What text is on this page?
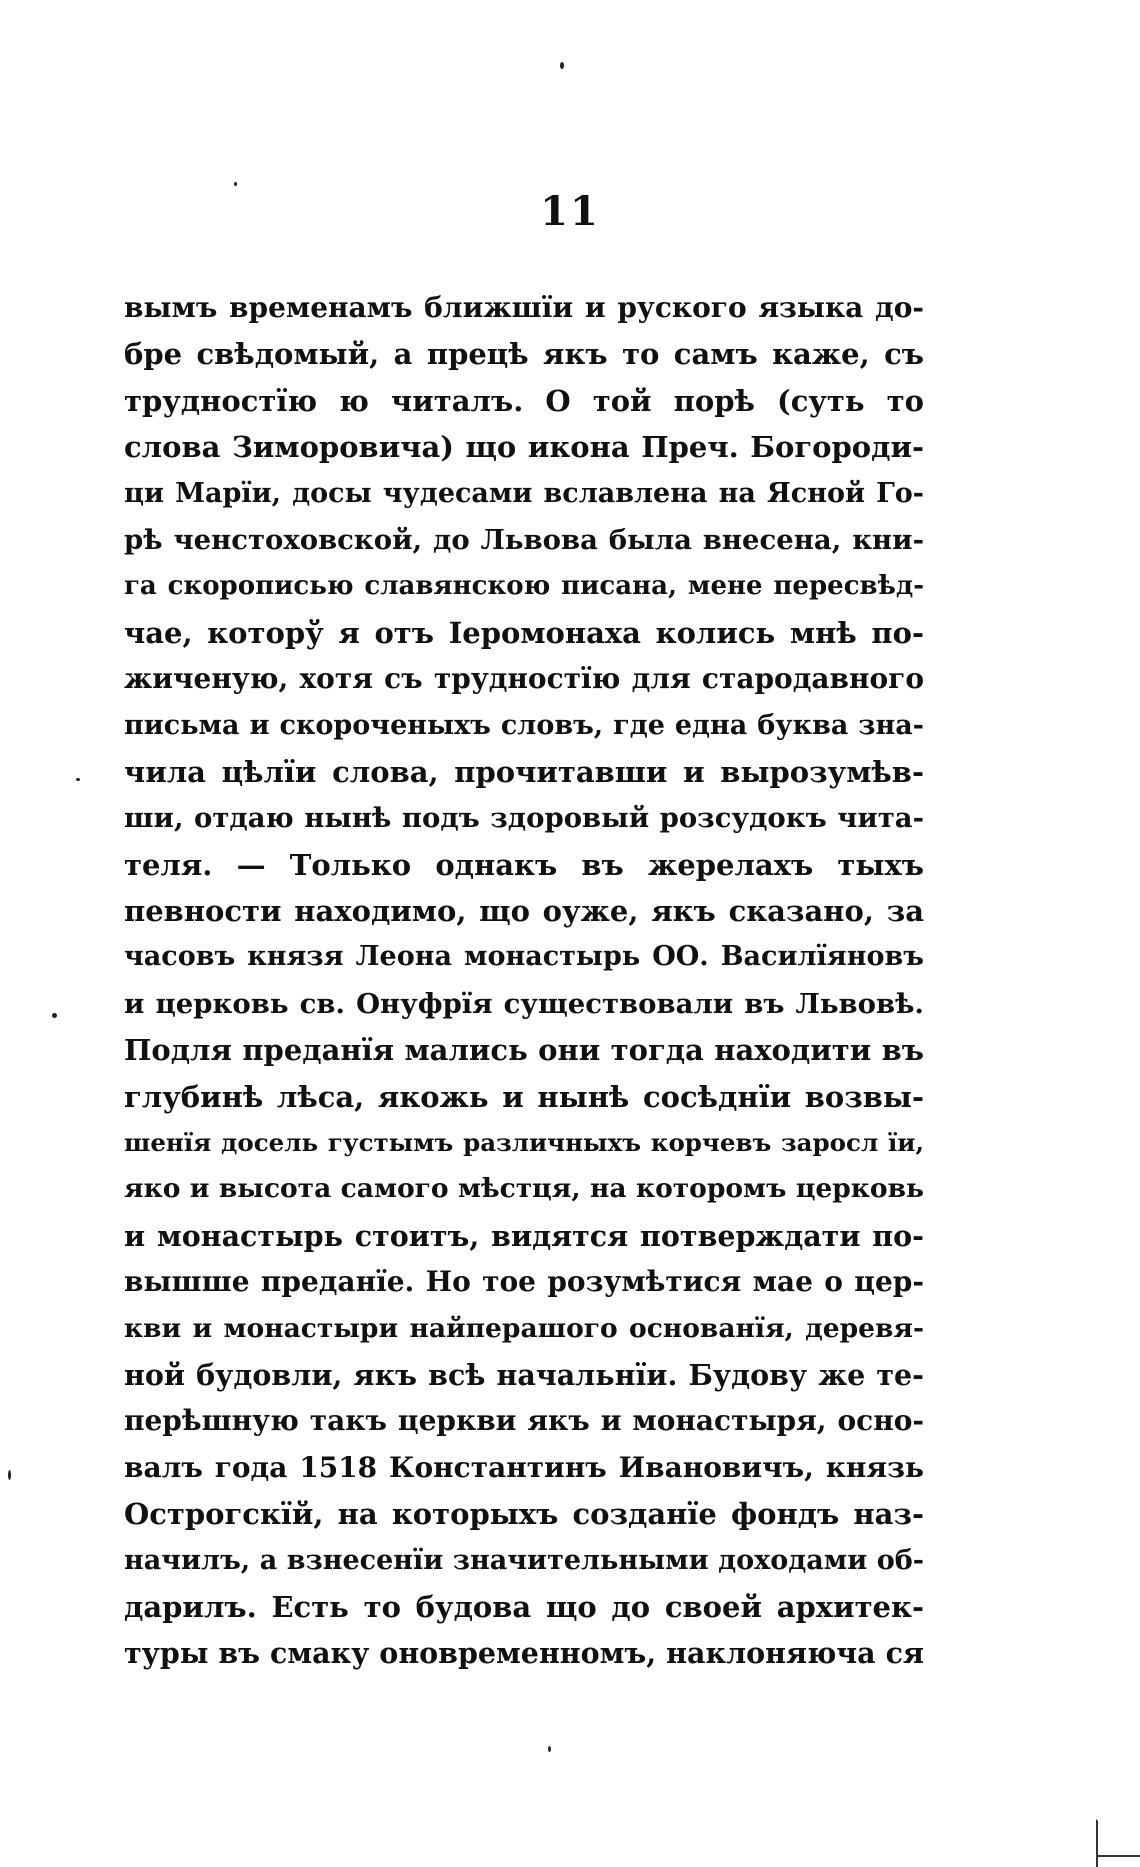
11
вымъ временамъ ближшїи и рускогo языка до-
бре свѣдомый, а прецѣ якъ то самъ каже, съ
трудностїю ю читалъ. О той порѣ (суть то
слова Зиморовича) що икона Прeч. Богороди-
ци Марїи, досы чудесами вславлена на Ясной Го-
рѣ ченстоховской, до Львова была внесена, кни-
га скорописью славянскою писана, мене пересвѣд-
чае, которў я отъ Іеромонаха колись мнѣ по-
жиченую, хотя съ трудностїю для стародавного
письма и скороченыхъ словъ, где една буква зна-
чила цѣлїи слова, прочитавши и вырозумѣв-
ши, отдаю нынѣ подъ здоровый розсудокъ чита-
теля. — Только однакъ въ жерелахъ тыхъ
певности находимо, що оуже, якъ сказано, за
часовъ князя Леона монастырь ОО. Василїяновъ
и церковь св. Онуфрїя существовали въ Львовѣ.
Подля преданїя мались они тогда находити въ
глубинѣ лѣса, якожь и нынѣ сосѣднїи возвы-
шенїя досель густымъ различныхъ корчевъ заросл їи,
яко и высота самогo мѣстця, на которомъ церковь
и монастырь стоитъ, видятся потверждати по-
вышше преданїе. Но тое розумѣтися мае о цер-
кви и монастыри найперашого основанїя, деревя-
ной будовли, якъ всѣ начальнїи. Будову же те-
перѣшную такъ церкви якъ и монастыря, осно-
валъ года 1518 Константинъ Ивановичъ, князь
Острогскїй, на которыхъ созданїе фондъ наз-
начилъ, а взнесенїи значительными доходами об-
дарилъ. Есть то будова що до своей архитек-
туры въ смаку оновременномъ, наклоняюча ся
